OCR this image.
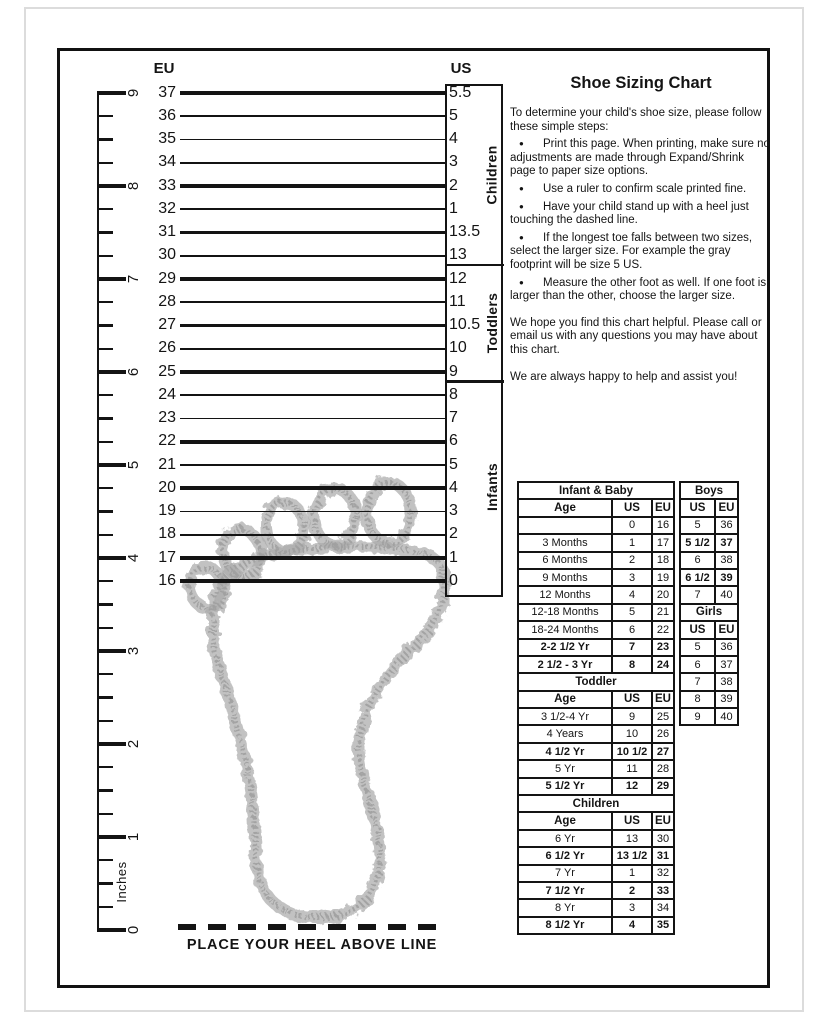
EU	US
PLACE YOUR HEEL ABOVE LINE
Shoe Sizing Chart

To determine your child's shoe size, please follow these simple steps:

● Print this page. When printing, make sure no adjustments are made through Expand/Shrink page to paper size options.

● Use a ruler to confirm scale printed fine.

● Have your child stand up with a heel just touching the dashed line.

● If the longest toe falls between two sizes, select the larger size. For example the gray footprint will be size 5 US.

● Measure the other foot as well. If one foot is larger than the other, choose the larger size.

We hope you find this chart helpful. Please call or email us with any questions you may have about this chart.

We are always happy to help and assist you!

Infant & Baby		
Age	US	EU
	0	16
3 Months	1	17
6 Months	2	18
9 Months	3	19
12 Months	4	20
12-18 Months	5	21
18-24 Months	6	22
2-2 1/2 Yr	7	23
2 1/2 - 3 Yr	8	24
Toddler		
Age	US	EU
3 1/2-4 Yr	9	25
4 Years	10	26
4 1/2 Yr	10 1/2	27
5 Yr	11	28
5 1/2 Yr	12	29
Children		
Age	US	EU
6 Yr	13	30
6 1/2 Yr	13 1/2	31
7 Yr	1	32
7 1/2 Yr	2	33
8 Yr	3	34
8 1/2 Yr	4	35
Boys	
US	EU
5	36
5 1/2	37
6	38
6 1/2	39
7	40
Girls	
US	EU
5	36
6	37
7	38
8	39
9	40
37	5.5
36	5
35	4
34	3
33	2
32	1
31	13.5
30	13
29	12
28	11
27	10.5
26	10
25	9
24	8
23	7
22	6
21	5
20	4
19	3
18	2
17	1
16	0
Children
Toddlers
Infants
0
1
2
3
4
5
6
7
8
9
Inches
